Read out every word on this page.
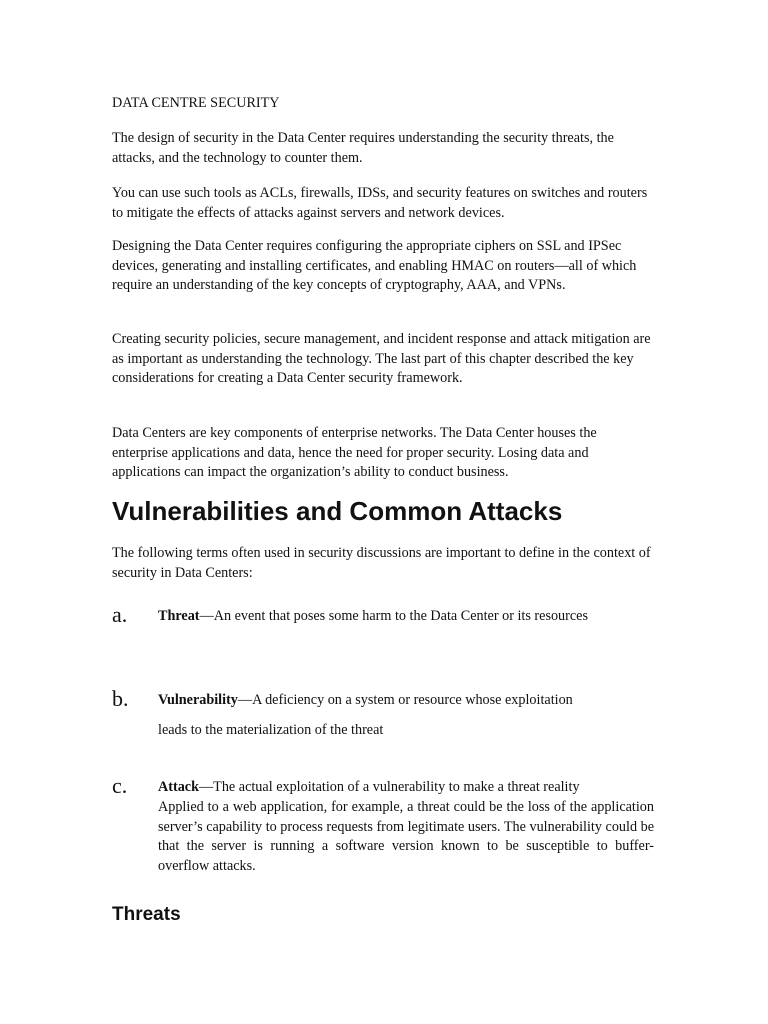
DATA CENTRE SECURITY

The design of security in the Data Center requires understanding the security threats, the attacks, and the technology to counter them.

You can use such tools as ACLs, firewalls, IDSs, and security features on switches and routers to mitigate the effects of attacks against servers and network devices.

Designing the Data Center requires configuring the appropriate ciphers on SSL and IPSec devices, generating and installing certificates, and enabling HMAC on routers—all of which require an understanding of the key concepts of cryptography, AAA, and VPNs.

Creating security policies, secure management, and incident response and attack mitigation are as important as understanding the technology. The last part of this chapter described the key considerations for creating a Data Center security framework.

Data Centers are key components of enterprise networks. The Data Center houses the enterprise applications and data, hence the need for proper security. Losing data and applications can impact the organization’s ability to conduct business.

Vulnerabilities and Common Attacks

The following terms often used in security discussions are important to define in the context of security in Data Centers:

a. Threat—An event that poses some harm to the Data Center or its resources

b. Vulnerability—A deficiency on a system or resource whose exploitation

leads to the materialization of the threat

c. Attack—The actual exploitation of a vulnerability to make a threat reality

Applied to a web application, for example, a threat could be the loss of the application server’s capability to process requests from legitimate users. The vulnerability could be that the server is running a software version known to be susceptible to buffer-overflow attacks.

Threats
